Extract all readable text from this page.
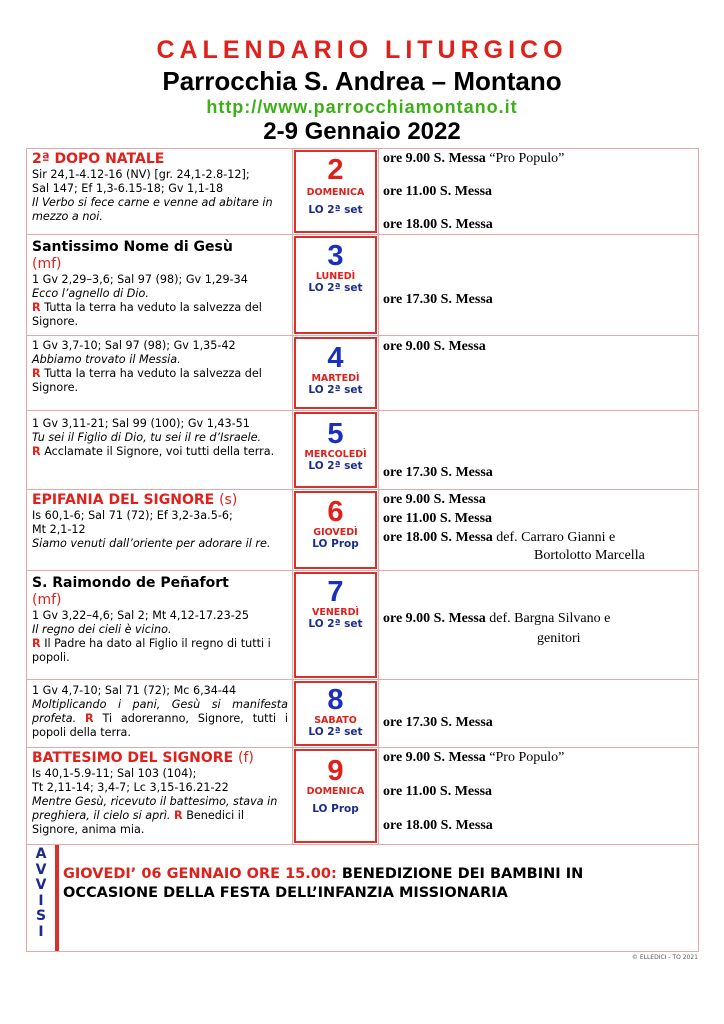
CALENDARIO LITURGICO
Parrocchia S. Andrea – Montano
http://www.parrocchiamontano.it
2-9 Gennaio 2022
2ª DOPO NATALE
Sir 24,1-4.12-16 (NV) [gr. 24,1-2.8-12];
Sal 147; Ef 1,3-6.15-18; Gv 1,1-18
Il Verbo si fece carne e venne ad abitare in mezzo a noi.
2
DOMENICA
LO 2ª set
ore 9.00 S. Messa “Pro Populo”
ore 11.00 S. Messa
ore 18.00 S. Messa
Santissimo Nome di Gesù
(mf)
1 Gv 2,29–3,6; Sal 97 (98); Gv 1,29-34
Ecco l’agnello di Dio.
R Tutta la terra ha veduto la salvezza del Signore.
3
LUNEDÌ
LO 2ª set
ore 17.30 S. Messa
1 Gv 3,7-10; Sal 97 (98); Gv 1,35-42
Abbiamo trovato il Messia.
R Tutta la terra ha veduto la salvezza del Signore.
4
MARTEDÌ
LO 2ª set
ore 9.00 S. Messa
1 Gv 3,11-21; Sal 99 (100); Gv 1,43-51
Tu sei il Figlio di Dio, tu sei il re d’Israele.
R Acclamate il Signore, voi tutti della terra.
5
MERCOLEDÌ
LO 2ª set	ore 17.30 S. Messa
EPIFANIA DEL SIGNORE (s)
Is 60,1-6; Sal 71 (72); Ef 3,2-3a.5-6;
Mt 2,1-12
Siamo venuti dall’oriente per adorare il re.
6
GIOVEDÌ
LO Prop
ore 9.00 S. Messa
ore 11.00 S. Messa
ore 18.00 S. Messa def. Carraro Gianni e
Bortolotto Marcella
S. Raimondo de Peñafort
(mf)
1 Gv 3,22–4,6; Sal 2; Mt 4,12-17.23-25
Il regno dei cieli è vicino.
R Il Padre ha dato al Figlio il regno di tutti i popoli.
7
VENERDÌ
LO 2ª set	ore 9.00 S. Messa def. Bargna Silvano e
genitori
1 Gv 4,7-10; Sal 71 (72); Mc 6,34-44
Moltiplicando i pani, Gesù si manifesta profeta. R Ti adoreranno, Signore, tutti i popoli della terra.
8
SABATO
LO 2ª set
ore 17.30 S. Messa
BATTESIMO DEL SIGNORE (f)
Is 40,1-5.9-11; Sal 103 (104);
Tt 2,11-14; 3,4-7; Lc 3,15-16.21-22
Mentre Gesù, ricevuto il battesimo, stava in preghiera, il cielo si aprì. R Benedici il Signore, anima mia.
9
DOMENICA
LO Prop
ore 9.00 S. Messa “Pro Populo”
ore 11.00 S. Messa
ore 18.00 S. Messa
A
V
V
I
S
I
GIOVEDI’ 06 GENNAIO ORE 15.00: BENEDIZIONE DEI BAMBINI IN OCCASIONE DELLA FESTA DELL’INFANZIA MISSIONARIA
© ELLEDICI - TO 2021
